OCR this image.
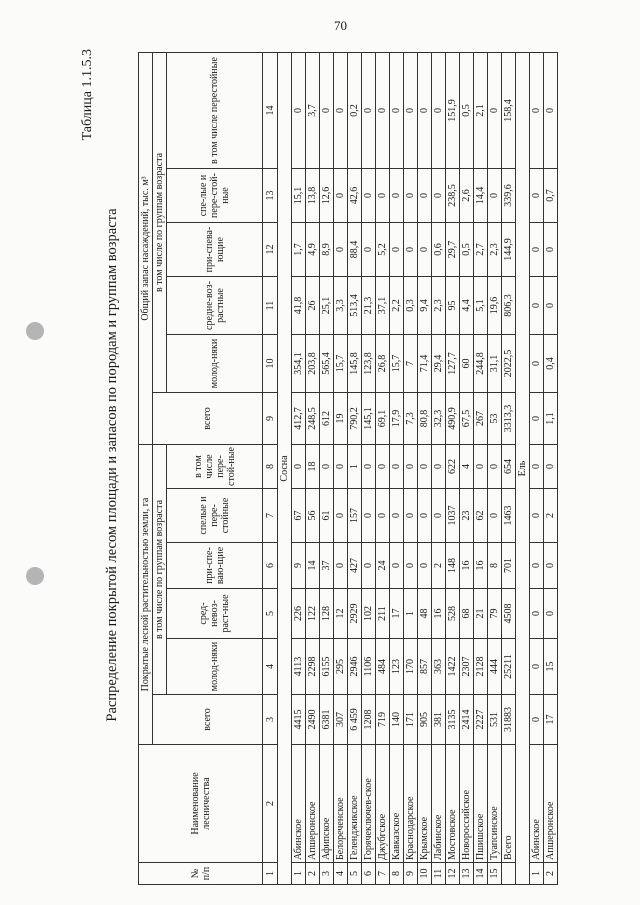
70
Таблица 1.1.5.3
Распределение покрытой лесом площади и запасов по породам и группам возраста
№ п/п	Наименование лесничества	Покрытые лесной растительностью земли, га						Общий запас насаждений, тыс. м³					
		всего	в том числе по группам возраста					всего	в том числе по группам возраста				
			молод-няки	сред-невоз-раст-ные	при-спе-ваю-щие	спелые и пере-стойные	в том числе пере-стой-ные		молод-няки	средне-воз-растные	при-спева-ющие	спе-лые и пере-стой-ные	в том числе перестойные
1	2	3	4	5	6	7	8	9	10	11	12	13	14
Сосна													
1	Абинское	4415	4113	226	9	67	0	412,7	354,1	41,8	1,7	15,1	0
2	Апшеронское	2490	2298	122	14	56	18	248,5	203,8	26	4,9	13,8	3,7
3	Афипское	6381	6155	128	37	61	0	612	565,4	25,1	8,9	12,6	0
4	Белореченское	307	295	12	0	0	0	19	15,7	3,3	0	0	0
5	Геленджикское	6 459	2946	2929	427	157	1	790,2	145,8	513,4	88,4	42,6	0,2
6	Горячеключев-ское	1208	1106	102	0	0	0	145,1	123,8	21,3	0	0	0
7	Джубгское	719	484	211	24	0	0	69,1	26,8	37,1	5,2	0	0
8	Кавказское	140	123	17	0	0	0	17,9	15,7	2,2	0	0	0
9	Краснодарское	171	170	1	0	0	0	7,3	7	0,3	0	0	0
10	Крымское	905	857	48	0	0	0	80,8	71,4	9,4	0	0	0
11	Лабинское	381	363	16	2	0	0	32,3	29,4	2,3	0,6	0	0
12	Мостовское	3135	1422	528	148	1037	622	490,9	127,7	95	29,7	238,5	151,9
13	Новороссийское	2414	2307	68	16	23	4	67,5	60	4,4	0,5	2,6	0,5
14	Пшишское	2227	2128	21	16	62	0	267	244,8	5,1	2,7	14,4	2,1
15	Туапсинское	531	444	79	8	0	0	53	31,1	19,6	2,3	0	0
	Всего	31883	25211	4508	701	1463	654	3313,3	2022,5	806,3	144,9	339,6	158,4
Ель													
1	Абинское	0	0	0	0	0	0	0	0	0	0	0	0
2	Апшеронское	17	15	0	0	2	0	1,1	0,4	0	0	0,7	0
